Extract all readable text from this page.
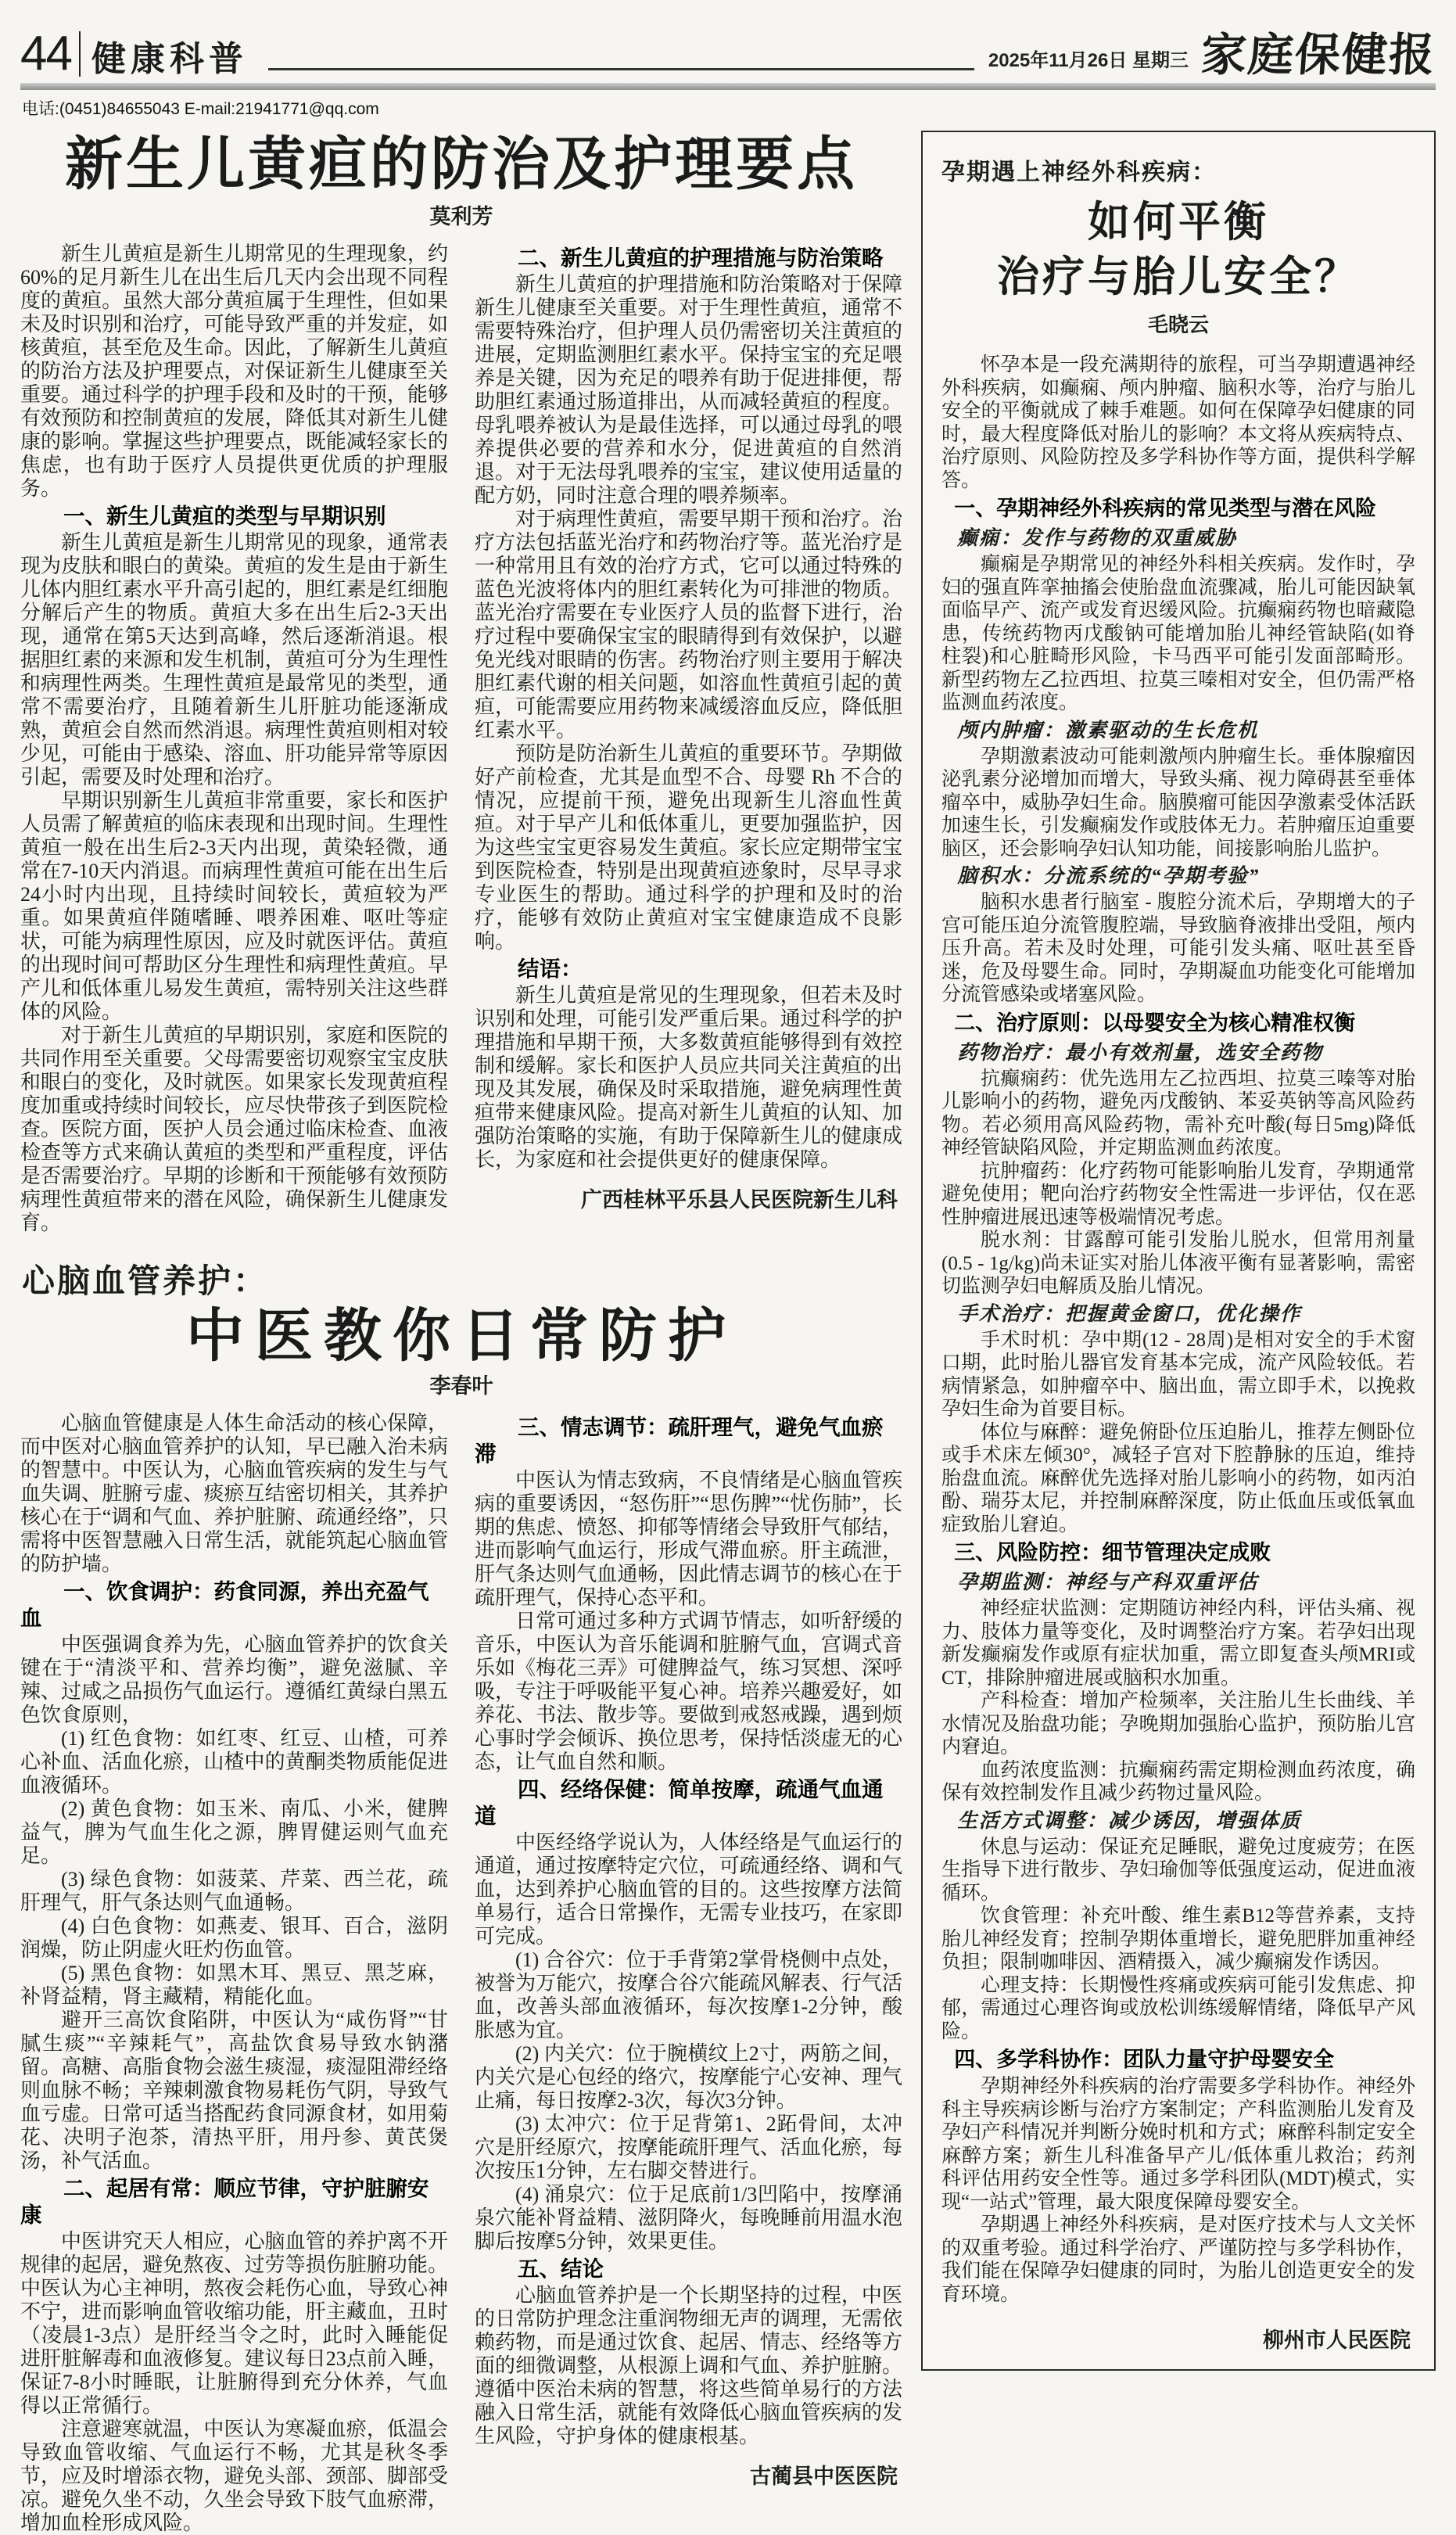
44 健康科普	2025年11月26日 星期三 家庭保健报
电话:(0451)84655043 E-mail:21941771@qq.com
新生儿黄疸的防治及护理要点
莫利芳

新生儿黄疸是新生儿期常见的生理现象，约60%的足月新生儿在出生后几天内会出现不同程度的黄疸。虽然大部分黄疸属于生理性，但如果未及时识别和治疗，可能导致严重的并发症，如核黄疸，甚至危及生命。因此，了解新生儿黄疸的防治方法及护理要点，对保证新生儿健康至关重要。通过科学的护理手段和及时的干预，能够有效预防和控制黄疸的发展，降低其对新生儿健康的影响。掌握这些护理要点，既能减轻家长的焦虑，也有助于医疗人员提供更优质的护理服务。

一、新生儿黄疸的类型与早期识别

新生儿黄疸是新生儿期常见的现象，通常表现为皮肤和眼白的黄染。黄疸的发生是由于新生儿体内胆红素水平升高引起的，胆红素是红细胞分解后产生的物质。黄疸大多在出生后2-3天出现，通常在第5天达到高峰，然后逐渐消退。根据胆红素的来源和发生机制，黄疸可分为生理性和病理性两类。生理性黄疸是最常见的类型，通常不需要治疗，且随着新生儿肝脏功能逐渐成熟，黄疸会自然而然消退。病理性黄疸则相对较少见，可能由于感染、溶血、肝功能异常等原因引起，需要及时处理和治疗。

早期识别新生儿黄疸非常重要，家长和医护人员需了解黄疸的临床表现和出现时间。生理性黄疸一般在出生后2-3天内出现，黄染轻微，通常在7-10天内消退。而病理性黄疸可能在出生后24小时内出现，且持续时间较长，黄疸较为严重。如果黄疸伴随嗜睡、喂养困难、呕吐等症状，可能为病理性原因，应及时就医评估。黄疸的出现时间可帮助区分生理性和病理性黄疸。早产儿和低体重儿易发生黄疸，需特别关注这些群体的风险。

对于新生儿黄疸的早期识别，家庭和医院的共同作用至关重要。父母需要密切观察宝宝皮肤和眼白的变化，及时就医。如果家长发现黄疸程度加重或持续时间较长，应尽快带孩子到医院检查。医院方面，医护人员会通过临床检查、血液检查等方式来确认黄疸的类型和严重程度，评估是否需要治疗。早期的诊断和干预能够有效预防病理性黄疸带来的潜在风险，确保新生儿健康发育。

二、新生儿黄疸的护理措施与防治策略

新生儿黄疸的护理措施和防治策略对于保障新生儿健康至关重要。对于生理性黄疸，通常不需要特殊治疗，但护理人员仍需密切关注黄疸的进展，定期监测胆红素水平。保持宝宝的充足喂养是关键，因为充足的喂养有助于促进排便，帮助胆红素通过肠道排出，从而减轻黄疸的程度。母乳喂养被认为是最佳选择，可以通过母乳的喂养提供必要的营养和水分，促进黄疸的自然消退。对于无法母乳喂养的宝宝，建议使用适量的配方奶，同时注意合理的喂养频率。

对于病理性黄疸，需要早期干预和治疗。治疗方法包括蓝光治疗和药物治疗等。蓝光治疗是一种常用且有效的治疗方式，它可以通过特殊的蓝色光波将体内的胆红素转化为可排泄的物质。蓝光治疗需要在专业医疗人员的监督下进行，治疗过程中要确保宝宝的眼睛得到有效保护，以避免光线对眼睛的伤害。药物治疗则主要用于解决胆红素代谢的相关问题，如溶血性黄疸引起的黄疸，可能需要应用药物来减缓溶血反应，降低胆红素水平。

预防是防治新生儿黄疸的重要环节。孕期做好产前检查，尤其是血型不合、母婴 Rh 不合的情况，应提前干预，避免出现新生儿溶血性黄疸。对于早产儿和低体重儿，更要加强监护，因为这些宝宝更容易发生黄疸。家长应定期带宝宝到医院检查，特别是出现黄疸迹象时，尽早寻求专业医生的帮助。通过科学的护理和及时的治疗，能够有效防止黄疸对宝宝健康造成不良影响。

结语：

新生儿黄疸是常见的生理现象，但若未及时识别和处理，可能引发严重后果。通过科学的护理措施和早期干预，大多数黄疸能够得到有效控制和缓解。家长和医护人员应共同关注黄疸的出现及其发展，确保及时采取措施，避免病理性黄疸带来健康风险。提高对新生儿黄疸的认知、加强防治策略的实施，有助于保障新生儿的健康成长，为家庭和社会提供更好的健康保障。

广西桂林平乐县人民医院新生儿科

心脑血管养护：
中医教你日常防护
李春叶

心脑血管健康是人体生命活动的核心保障，而中医对心脑血管养护的认知，早已融入治未病的智慧中。中医认为，心脑血管疾病的发生与气血失调、脏腑亏虚、痰瘀互结密切相关，其养护核心在于“调和气血、养护脏腑、疏通经络”，只需将中医智慧融入日常生活，就能筑起心脑血管的防护墙。

一、饮食调护：药食同源，养出充盈气血

中医强调食养为先，心脑血管养护的饮食关键在于“清淡平和、营养均衡”，避免滋腻、辛辣、过咸之品损伤气血运行。遵循红黄绿白黑五色饮食原则，

(1) 红色食物：如红枣、红豆、山楂，可养心补血、活血化瘀，山楂中的黄酮类物质能促进血液循环。

(2) 黄色食物：如玉米、南瓜、小米，健脾益气，脾为气血生化之源，脾胃健运则气血充足。

(3) 绿色食物：如菠菜、芹菜、西兰花，疏肝理气，肝气条达则气血通畅。

(4) 白色食物：如燕麦、银耳、百合，滋阴润燥，防止阴虚火旺灼伤血管。

(5) 黑色食物：如黑木耳、黑豆、黑芝麻，补肾益精，肾主藏精，精能化血。

避开三高饮食陷阱，中医认为“咸伤肾”“甘腻生痰”“辛辣耗气”，高盐饮食易导致水钠潴留。高糖、高脂食物会滋生痰湿，痰湿阻滞经络则血脉不畅；辛辣刺激食物易耗伤气阴，导致气血亏虚。日常可适当搭配药食同源食材，如用菊花、决明子泡茶，清热平肝，用丹参、黄芪煲汤，补气活血。

二、起居有常：顺应节律，守护脏腑安康

中医讲究天人相应，心脑血管的养护离不开规律的起居，避免熬夜、过劳等损伤脏腑功能。中医认为心主神明，熬夜会耗伤心血，导致心神不宁，进而影响血管收缩功能，肝主藏血，丑时（凌晨1-3点）是肝经当令之时，此时入睡能促进肝脏解毒和血液修复。建议每日23点前入睡，保证7-8小时睡眠，让脏腑得到充分休养，气血得以正常循行。

注意避寒就温，中医认为寒凝血瘀，低温会导致血管收缩、气血运行不畅，尤其是秋冬季节，应及时增添衣物，避免头部、颈部、脚部受凉。避免久坐不动，久坐会导致下肢气血瘀滞，增加血栓形成风险。

三、情志调节：疏肝理气，避免气血瘀滞

中医认为情志致病，不良情绪是心脑血管疾病的重要诱因，“怒伤肝”“思伤脾”“忧伤肺”，长期的焦虑、愤怒、抑郁等情绪会导致肝气郁结，进而影响气血运行，形成气滞血瘀。肝主疏泄，肝气条达则气血通畅，因此情志调节的核心在于疏肝理气，保持心态平和。

日常可通过多种方式调节情志，如听舒缓的音乐，中医认为音乐能调和脏腑气血，宫调式音乐如《梅花三弄》可健脾益气，练习冥想、深呼吸，专注于呼吸能平复心神。培养兴趣爱好，如养花、书法、散步等。要做到戒怒戒躁，遇到烦心事时学会倾诉、换位思考，保持恬淡虚无的心态，让气血自然和顺。

四、经络保健：简单按摩，疏通气血通道

中医经络学说认为，人体经络是气血运行的通道，通过按摩特定穴位，可疏通经络、调和气血，达到养护心脑血管的目的。这些按摩方法简单易行，适合日常操作，无需专业技巧，在家即可完成。

(1) 合谷穴：位于手背第2掌骨桡侧中点处，被誉为万能穴，按摩合谷穴能疏风解表、行气活血，改善头部血液循环，每次按摩1-2分钟，酸胀感为宜。

(2) 内关穴：位于腕横纹上2寸，两筋之间，内关穴是心包经的络穴，按摩能宁心安神、理气止痛，每日按摩2-3次，每次3分钟。

(3) 太冲穴：位于足背第1、2跖骨间，太冲穴是肝经原穴，按摩能疏肝理气、活血化瘀，每次按压1分钟，左右脚交替进行。

(4) 涌泉穴：位于足底前1/3凹陷中，按摩涌泉穴能补肾益精、滋阴降火，每晚睡前用温水泡脚后按摩5分钟，效果更佳。

五、结论

心脑血管养护是一个长期坚持的过程，中医的日常防护理念注重润物细无声的调理，无需依赖药物，而是通过饮食、起居、情志、经络等方面的细微调整，从根源上调和气血、养护脏腑。遵循中医治未病的智慧，将这些简单易行的方法融入日常生活，就能有效降低心脑血管疾病的发生风险，守护身体的健康根基。

古蔺县中医医院

孕期遇上神经外科疾病：
如何平衡
治疗与胎儿安全？
毛晓云

怀孕本是一段充满期待的旅程，可当孕期遭遇神经外科疾病，如癫痫、颅内肿瘤、脑积水等，治疗与胎儿安全的平衡就成了棘手难题。如何在保障孕妇健康的同时，最大程度降低对胎儿的影响？本文将从疾病特点、治疗原则、风险防控及多学科协作等方面，提供科学解答。

一、孕期神经外科疾病的常见类型与潜在风险

癫痫：发作与药物的双重威胁

癫痫是孕期常见的神经外科相关疾病。发作时，孕妇的强直阵挛抽搐会使胎盘血流骤减，胎儿可能因缺氧面临早产、流产或发育迟缓风险。抗癫痫药物也暗藏隐患，传统药物丙戊酸钠可能增加胎儿神经管缺陷(如脊柱裂)和心脏畸形风险，卡马西平可能引发面部畸形。新型药物左乙拉西坦、拉莫三嗪相对安全，但仍需严格监测血药浓度。

颅内肿瘤：激素驱动的生长危机

孕期激素波动可能刺激颅内肿瘤生长。垂体腺瘤因泌乳素分泌增加而增大，导致头痛、视力障碍甚至垂体瘤卒中，威胁孕妇生命。脑膜瘤可能因孕激素受体活跃加速生长，引发癫痫发作或肢体无力。若肿瘤压迫重要脑区，还会影响孕妇认知功能，间接影响胎儿监护。

脑积水：分流系统的“孕期考验”

脑积水患者行脑室 - 腹腔分流术后，孕期增大的子宫可能压迫分流管腹腔端，导致脑脊液排出受阻，颅内压升高。若未及时处理，可能引发头痛、呕吐甚至昏迷，危及母婴生命。同时，孕期凝血功能变化可能增加分流管感染或堵塞风险。

二、治疗原则：以母婴安全为核心精准权衡

药物治疗：最小有效剂量，选安全药物

抗癫痫药：优先选用左乙拉西坦、拉莫三嗪等对胎儿影响小的药物，避免丙戊酸钠、苯妥英钠等高风险药物。若必须用高风险药物，需补充叶酸(每日5mg)降低神经管缺陷风险，并定期监测血药浓度。

抗肿瘤药：化疗药物可能影响胎儿发育，孕期通常避免使用；靶向治疗药物安全性需进一步评估，仅在恶性肿瘤进展迅速等极端情况考虑。

脱水剂：甘露醇可能引发胎儿脱水，但常用剂量(0.5 - 1g/kg)尚未证实对胎儿体液平衡有显著影响，需密切监测孕妇电解质及胎儿情况。

手术治疗：把握黄金窗口，优化操作

手术时机：孕中期(12 - 28周)是相对安全的手术窗口期，此时胎儿器官发育基本完成，流产风险较低。若病情紧急，如肿瘤卒中、脑出血，需立即手术，以挽救孕妇生命为首要目标。

体位与麻醉：避免俯卧位压迫胎儿，推荐左侧卧位或手术床左倾30°，减轻子宫对下腔静脉的压迫，维持胎盘血流。麻醉优先选择对胎儿影响小的药物，如丙泊酚、瑞芬太尼，并控制麻醉深度，防止低血压或低氧血症致胎儿窘迫。

三、风险防控：细节管理决定成败

孕期监测：神经与产科双重评估

神经症状监测：定期随访神经内科，评估头痛、视力、肢体力量等变化，及时调整治疗方案。若孕妇出现新发癫痫发作或原有症状加重，需立即复查头颅MRI或CT，排除肿瘤进展或脑积水加重。

产科检查：增加产检频率，关注胎儿生长曲线、羊水情况及胎盘功能；孕晚期加强胎心监护，预防胎儿宫内窘迫。

血药浓度监测：抗癫痫药需定期检测血药浓度，确保有效控制发作且减少药物过量风险。

生活方式调整：减少诱因，增强体质

休息与运动：保证充足睡眠，避免过度疲劳；在医生指导下进行散步、孕妇瑜伽等低强度运动，促进血液循环。

饮食管理：补充叶酸、维生素B12等营养素，支持胎儿神经发育；控制孕期体重增长，避免肥胖加重神经负担；限制咖啡因、酒精摄入，减少癫痫发作诱因。

心理支持：长期慢性疼痛或疾病可能引发焦虑、抑郁，需通过心理咨询或放松训练缓解情绪，降低早产风险。

四、多学科协作：团队力量守护母婴安全

孕期神经外科疾病的治疗需要多学科协作。神经外科主导疾病诊断与治疗方案制定；产科监测胎儿发育及孕妇产科情况并判断分娩时机和方式；麻醉科制定安全麻醉方案；新生儿科准备早产儿/低体重儿救治；药剂科评估用药安全性等。通过多学科团队(MDT)模式，实现“一站式”管理，最大限度保障母婴安全。

孕期遇上神经外科疾病，是对医疗技术与人文关怀的双重考验。通过科学治疗、严谨防控与多学科协作，我们能在保障孕妇健康的同时，为胎儿创造更安全的发育环境。

柳州市人民医院
